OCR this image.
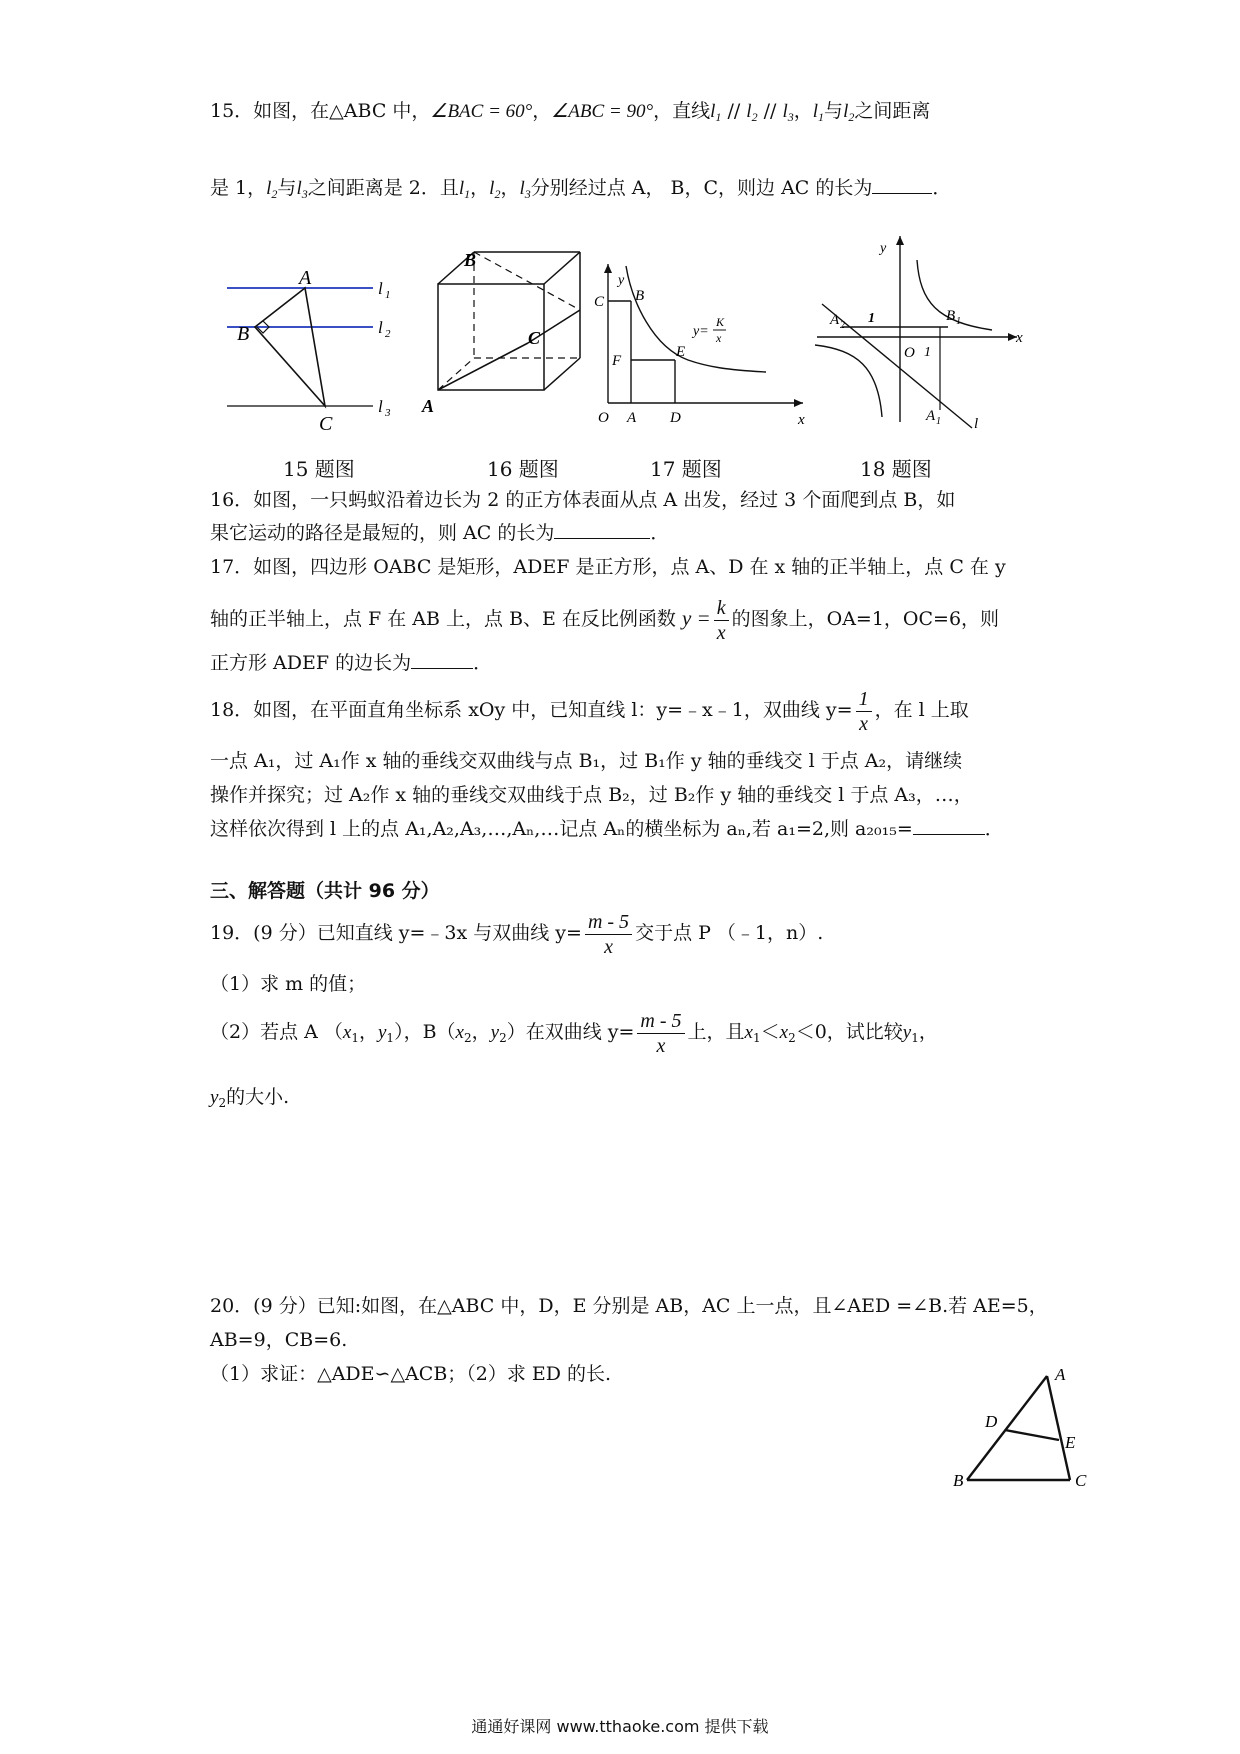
15．如图，在△ABC 中，∠BAC = 60°，∠ABC = 90°，直线$l_1 // l_2 // l_3$，$l_1$与$l_2$之间距离
是 1，$l_2$与$l_3$之间距离是 2．且$l_1$，$l_2$，$l_3$分别经过点 A， B，C，则边 AC 的长为	．
A
B
C
l 1
l 2
l 3
B
A
C
y
x
O A D
C B
F
E
y=
K
x
y
x
O
1
1
A 2
B 1
A 1 l
15 题图	16 题图	17 题图	18 题图
16．如图，一只蚂蚁沿着边长为 2 的正方体表面从点 A 出发，经过 3 个面爬到点 B，如
果它运动的路径是最短的，则 AC 的长为	．
17．如图，四边形 OABC 是矩形，ADEF 是正方形，点 A、D 在 x 轴的正半轴上，点 C 在 y
轴的正半轴上，点 F 在 AB 上，点 B、E 在反比例函数 $y = \frac{k}{x}$ 的图象上，OA=1，OC=6，则
正方形 ADEF 的边长为	．
18．如图，在平面直角坐标系 xOy 中，已知直线 l：y=﹣x﹣1，双曲线 $y= \frac{1}{x}$ ，在 l 上取
一点 A₁，过 A₁作 x 轴的垂线交双曲线与点 B₁，过 B₁作 y 轴的垂线交 l 于点 A₂，请继续
操作并探究；过 A₂作 x 轴的垂线交双曲线于点 B₂，过 B₂作 y 轴的垂线交 l 于点 A₃，…，
这样依次得到 l 上的点 A₁,A₂,A₃,…,Aₙ,…记点 Aₙ的横坐标为 aₙ,若 a₁=2,则 a₂₀₁₅=	．
三、解答题（共计 96 分）
19．(9 分）已知直线 y=﹣3x 与双曲线 $y= \frac{m - 5}{x}$ 交于点 P （﹣1，n）.
（1）求 m 的值；
（2）若点 A （$x_1$，$y_1$），$B(x_2$，$y_2$）在双曲线 $y= \frac{m - 5}{x}$ 上，且$x_1<x_2<0$，试比较$y_1$，
$y_2$的大小.
20．(9 分）已知:如图，在△ABC 中，D，E 分别是 AB，AC 上一点，且∠AED =∠B.若 AE=5，
AB=9，CB=6.
（1）求证：△ADE∽△ACB；（2）求 ED 的长.	A
B	C
D
E
通通好课网 www.tthaoke.com 提供下载
